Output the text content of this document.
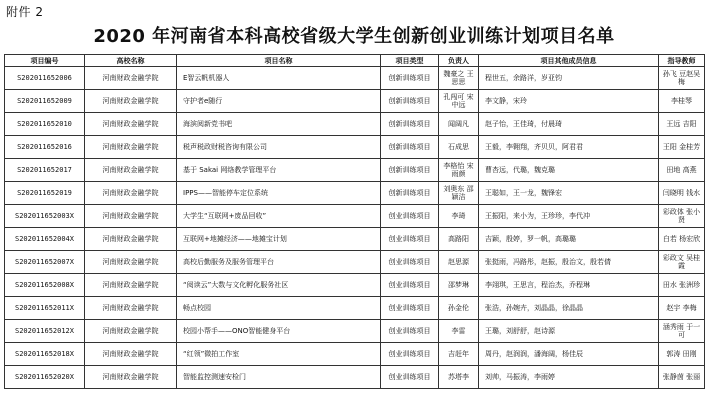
附件 2
2020 年河南省本科高校省级大学生创新创业训练计划项目名单
项目编号	高校名称	项目名称	项目类型	负责人	项目其他成员信息	指导教师
S202011652006	河南财政金融学院	E智云帆机器人	创新训练项目	魏豪之 王思思	程世五，余路洋，岁亚钧	孙飞 豆赵吴梅
S202011652009	河南财政金融学院	守护者e随行	创新训练项目	孔闯可 宋中远	李文静，宋玲	李桂琴
S202011652010	河南财政金融学院	海滨阅新党书吧	创新训练项目	闻阔凡	赵子怡，王佳琦，付晨琦	王远 吉阳
S202011652016	河南财政金融学院	税声税政财税咨询有限公司	创新训练项目	石成思	王毅，李翱翔，齐贝贝，阿君君	王阳 金桂芳
S202011652017	河南财政金融学院	基于 Sakai 网络教学管理平台	创新训练项目	李格怡 宋雨颜	曹杏远，代璐，魏克璐	田地 高燕
S202011652019	河南财政金融学院	IPPS——智能停车定位系统	创新训练项目	刘奥东 邵颖洁	王聪如，王一龙，魏锋宏	闫晓明 钱水
S202011652003X	河南财政金融学院	大学生“互联网+废品回收”	创业训练项目	李琦	王振阳，来小为，王珍珍，李代冲	彩政体 张小贤
S202011652004X	河南财政金融学院	互联网+地摊经济——地摊宝计划	创业训练项目	高路阳	吉颖，殷婷，罗一帆，高璐璐	白若 杨宏欣
S202011652007X	河南财政金融学院	高校后勤服务及服务管理平台	创业训练项目	赵思源	张挺雨，冯路彤，赵振，殷治文，殷若倩	彩政文 吴桂霞
S202011652008X	河南财政金融学院	“阅读云”大数与文化孵化服务社区	创业训练项目	邵梦琳	李翊琪，王思言，程治杰，乔程琳	田水 张洲珍
S202011652011X	河南财政金融学院	畅点校园	创业训练项目	孙金伦	张浩，孙婉卉，刘晶晶，徐晶晶	赵宇 李梅
S202011652012X	河南财政金融学院	校园小帮手——ONO智能健身平台	创业训练项目	李雷	王璐，刘舒舒，赵诗源	涵秀雨 于一可
S202011652018X	河南财政金融学院	“红领”微拍工作室	创业训练项目	吉赶年	周丹，赵润润，潘海阔，杨佳辰	郭涛 田刚
S202011652020X	河南财政金融学院	智能监控测速安检门	创业训练项目	苏塔李	刘帅，马振涛，李雨婷	张静茵 张丽
